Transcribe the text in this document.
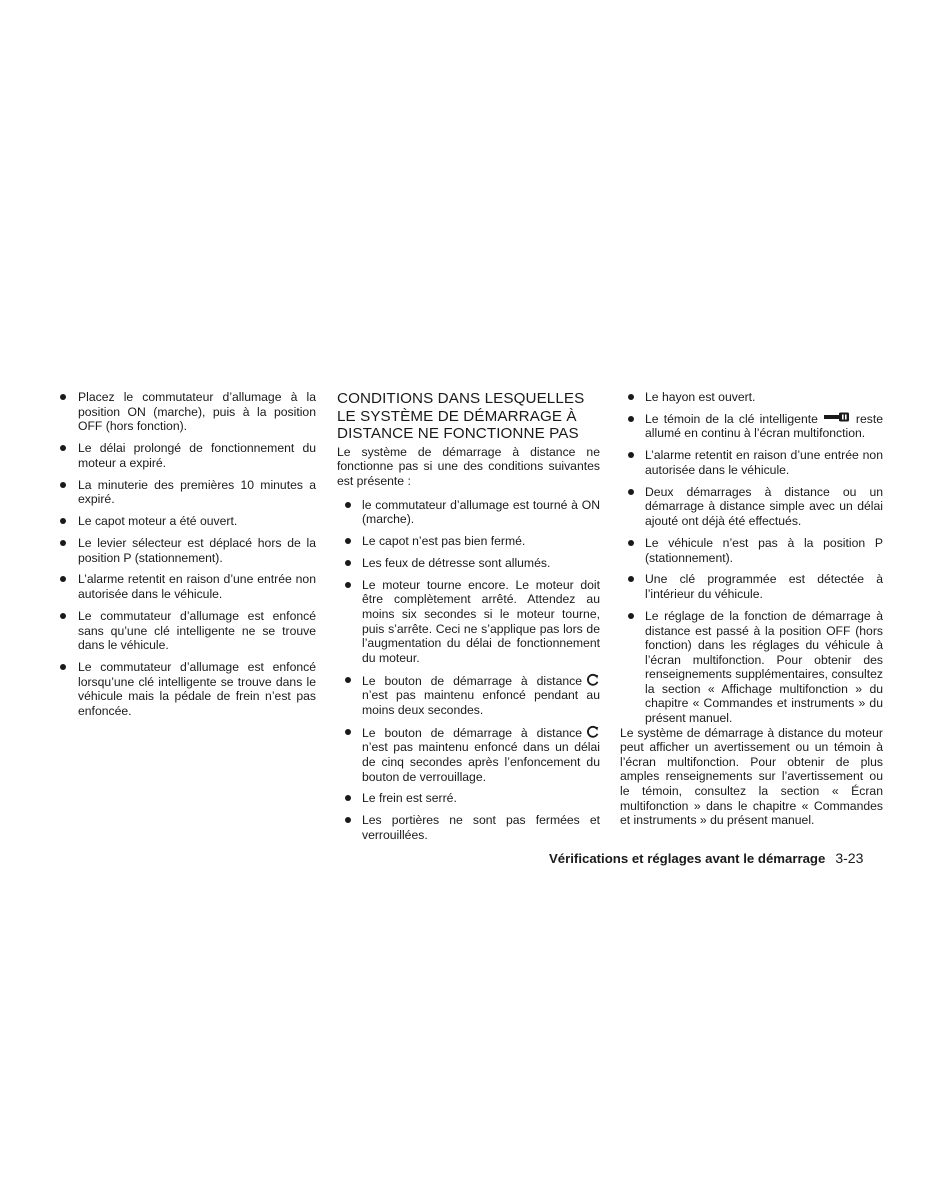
Placez le commutateur d’allumage à la position ON (marche), puis à la position OFF (hors fonction).
Le délai prolongé de fonctionnement du moteur a expiré.
La minuterie des premières 10 minutes a expiré.
Le capot moteur a été ouvert.
Le levier sélecteur est déplacé hors de la position P (stationnement).
L’alarme retentit en raison d’une entrée non autorisée dans le véhicule.
Le commutateur d’allumage est enfoncé sans qu’une clé intelligente ne se trouve dans le véhicule.
Le commutateur d’allumage est enfoncé lorsqu’une clé intelligente se trouve dans le véhicule mais la pédale de frein n’est pas enfoncée.
CONDITIONS DANS LESQUELLES LE SYSTÈME DE DÉMARRAGE À DISTANCE NE FONCTIONNE PAS

Le système de démarrage à distance ne fonctionne pas si une des conditions suivantes est présente :

le commutateur d’allumage est tourné à ON (marche).
Le capot n’est pas bien fermé.
Les feux de détresse sont allumés.
Le moteur tourne encore. Le moteur doit être complètement arrêté. Attendez au moins six secondes si le moteur tourne, puis s’arrête. Ceci ne s’applique pas lors de l’augmentation du délai de fonctionnement du moteur.
Le bouton de démarrage à distance n’est pas maintenu enfoncé pendant au moins deux secondes.
Le bouton de démarrage à distance n’est pas maintenu enfoncé dans un délai de cinq secondes après l’enfoncement du bouton de verrouillage.
Le frein est serré.
Les portières ne sont pas fermées et verrouillées.
Le hayon est ouvert.
Le témoin de la clé intelligente	reste allumé en continu à l’écran multifonction.
L’alarme retentit en raison d’une entrée non autorisée dans le véhicule.
Deux démarrages à distance ou un démarrage à distance simple avec un délai ajouté ont déjà été effectués.
Le véhicule n’est pas à la position P (stationnement).
Une clé programmée est détectée à l’intérieur du véhicule.
Le réglage de la fonction de démarrage à distance est passé à la position OFF (hors fonction) dans les réglages du véhicule à l’écran multifonction. Pour obtenir des renseignements supplémentaires, consultez la section « Affichage multifonction » du chapitre « Commandes et instruments » du présent manuel.

Le système de démarrage à distance du moteur peut afficher un avertissement ou un témoin à l’écran multifonction. Pour obtenir de plus amples renseignements sur l’avertissement ou le témoin, consultez la section « Écran multifonction » dans le chapitre « Commandes et instruments » du présent manuel.

Vérifications et réglages avant le démarrage 3-23
